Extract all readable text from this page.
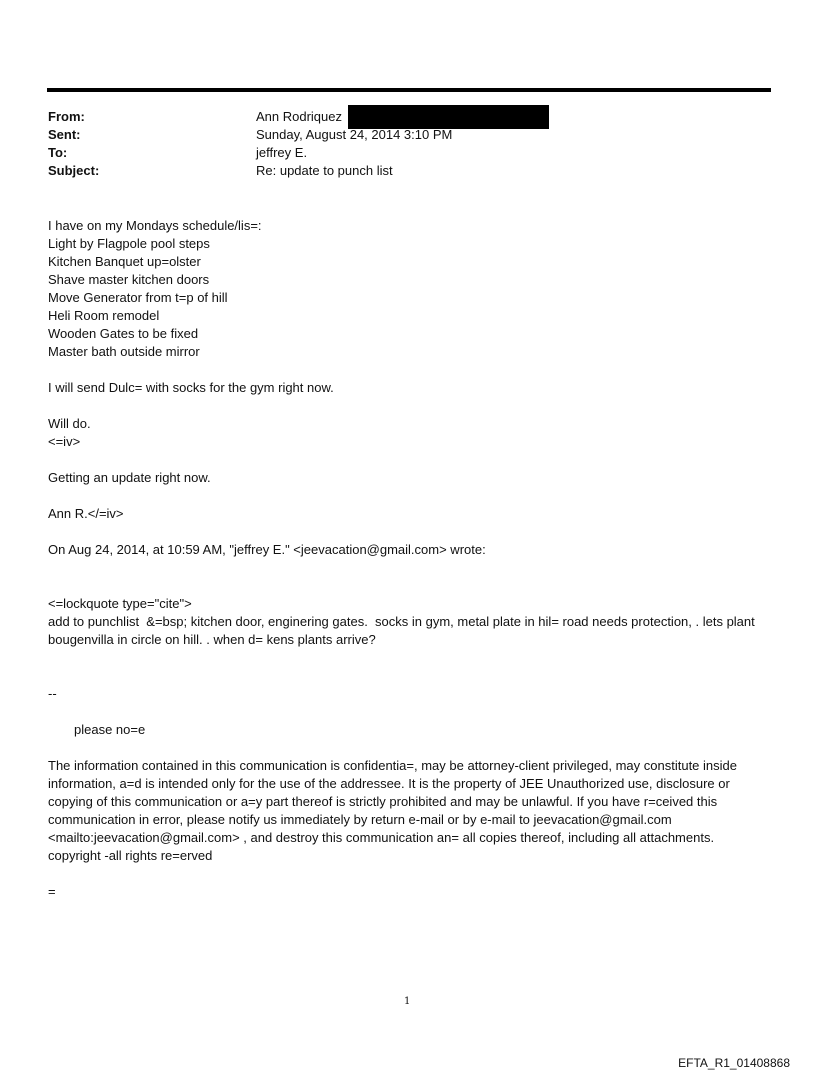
From:	Ann Rodriquez
Sent:	Sunday, August 24, 2014 3:10 PM
To:	jeffrey E.
Subject:	Re: update to punch list

I have on my Mondays schedule/lis=:

Light by Flagpole pool steps

Kitchen Banquet up=olster

Shave master kitchen doors

Move Generator from t=p of hill

Heli Room remodel

Wooden Gates to be fixed

Master bath outside mirror

I will send Dulc= with socks for the gym right now.

Will do.

<=iv>

Getting an update right now.

Ann R.</=iv>

On Aug 24, 2014, at 10:59 AM, "jeffrey E." <jeevacation@gmail.com> wrote:

<=lockquote type="cite">

add to punchlist  &=bsp; kitchen door, enginering gates.  socks in gym, metal plate in hil= road needs protection, . lets plant bougenvilla in circle on hill. . when d= kens plants arrive?

--

please no=e

The information contained in this communication is confidentia=, may be attorney-client privileged, may constitute inside information, a=d is intended only for the use of the addressee. It is the property of JEE Unauthorized use, disclosure or copying of this communication or a=y part thereof is strictly prohibited and may be unlawful. If you have r=ceived this communication in error, please notify us immediately by return e-mail or by e-mail to jeevacation@gmail.com <mailto:jeevacation@gmail.com> , and destroy this communication an= all copies thereof, including all attachments. copyright -all rights re=erved

=

1
EFTA_R1_01408868
